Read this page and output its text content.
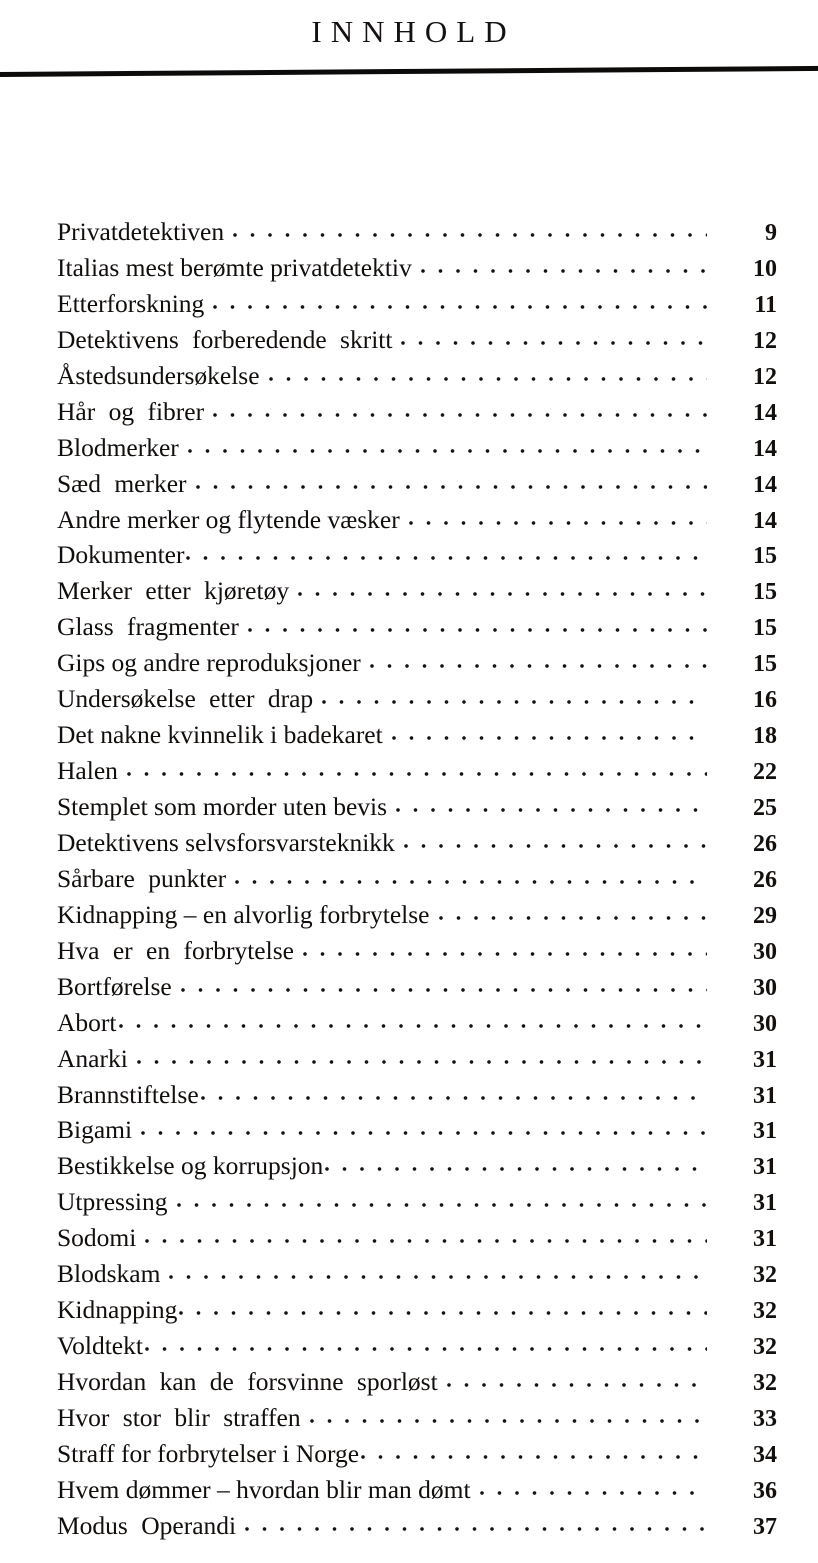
INNHOLD
Privatdetektiven	9
Italias mest berømte privatdetektiv	10
Etterforskning	11
Detektivens forberedende skritt	12
Åstedsundersøkelse	12
Hår og fibrer	14
Blodmerker	14
Sæd merker	14
Andre merker og flytende væsker	14
Dokumenter	15
Merker etter kjøretøy	15
Glass fragmenter	15
Gips og andre reproduksjoner	15
Undersøkelse etter drap	16
Det nakne kvinnelik i badekaret	18
Halen	22
Stemplet som morder uten bevis	25
Detektivens selvsforsvarsteknikk	26
Sårbare punkter	26
Kidnapping – en alvorlig forbrytelse	29
Hva er en forbrytelse	30
Bortførelse	30
Abort	30
Anarki	31
Brannstiftelse	31
Bigami	31
Bestikkelse og korrupsjon	31
Utpressing	31
Sodomi	31
Blodskam	32
Kidnapping	32
Voldtekt	32
Hvordan kan de forsvinne sporløst	32
Hvor stor blir straffen	33
Straff for forbrytelser i Norge	34
Hvem dømmer – hvordan blir man dømt	36
Modus Operandi	37
